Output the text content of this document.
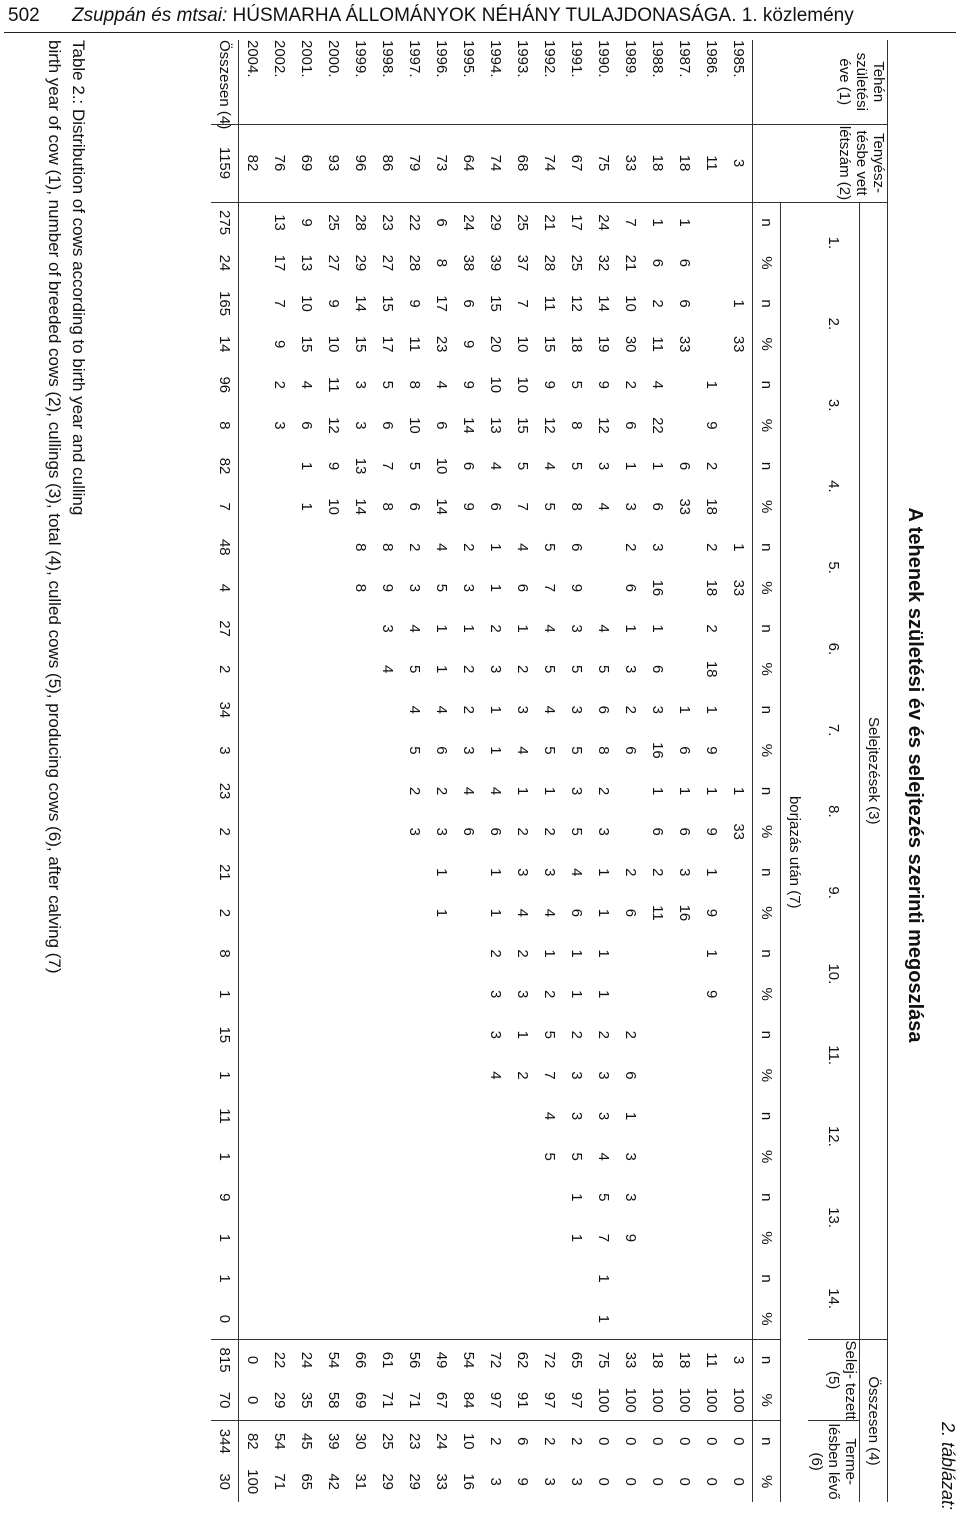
502 Zsuppán és mtsai: HÚSMARHA ÁLLOMÁNYOK NÉHÁNY TULAJDONASÁGA. 1. közlemény
2. táblázat:
A tehenek születési év és selejtezés szerinti megoszlása
Tehén születési éve (1)	Tenyész- tésbe vett létszám (2)	Selejtezések (3)																												Összesen (4)			
		1.		2.		3.		4.		5.		6.		7.		8.		9.		10.		11.		12.		13.		14.		Selej- tezett (5)		Terme- lésben lévő (6)	
		borjazás után (7)																															
		n	%	n	%	n	%	n	%	n	%	n	%	n	%	n	%	n	%	n	%	n	%	n	%	n	%	n	%	n	%	n	%
1985.	3			1	33					1	33					1	33													3	100	0	0
1986.	11					1	9	2	18	2	18	2	18	1	9	1	9	1	9	1	9									11	100	0	0
1987.	18	1	6	6	33			6	33					1	6	1	6	3	16											18	100	0	0
1988.	18	1	6	2	11	4	22	1	6	3	16	1	6	3	16	1	6	2	11											18	100	0	0
1989.	33	7	21	10	30	2	6	1	3	2	6	1	3	2	6			2	6			2	6	1	3	3	9			33	100	0	0
1990.	75	24	32	14	19	9	12	3	4			4	5	6	8	2	3	1	1	1	1	2	3	3	4	5	7	1	1	75	100	0	0
1991.	67	17	25	12	18	5	8	5	8	6	9	3	5	3	5	3	5	4	6	1	1	2	3	3	5	1	1			65	97	2	3
1992.	74	21	28	11	15	9	12	4	5	5	7	4	5	4	5	1	2	3	4	1	2	5	7	4	5					72	97	2	3
1993.	68	25	37	7	10	10	15	5	7	4	6	1	2	3	4	1	2	3	4	2	3	1	2							62	91	6	9
1994.	74	29	39	15	20	10	13	4	6	1	1	2	3	1	1	4	6	1	1	2	3	3	4							72	97	2	3
1995.	64	24	38	6	9	9	14	6	9	2	3	1	2	2	3	4	6													54	84	10	16
1996.	73	6	8	17	23	4	6	10	14	4	5	1	1	4	6	2	3	1	1											49	67	24	33
1997.	79	22	28	9	11	8	10	5	6	2	3	4	5	4	5	2	3													56	71	23	29
1998.	86	23	27	15	17	5	6	7	8	8	9	3	4																	61	71	25	29
1999.	96	28	29	14	15	3	3	13	14	8	8																			66	69	30	31
2000.	93	25	27	9	10	11	12	9	10																					54	58	39	42
2001.	69	9	13	10	15	4	6	1	1																					24	35	45	65
2002.	76	13	17	7	9	2	3																							22	29	54	71
2004.	82																													0	0	82	100
Összesen (4)	1159	275	24	165	14	96	8	82	7	48	4	27	2	34	3	23	2	21	2	8	1	15	1	11	1	9	1	1	0	815	70	344	30
Table 2.: Distribution of cows according to birth year and culling
birth year of cow (1), number of breeded cows (2), cullings (3), total (4), culled cows (5), producing cows (6), after calving (7)
